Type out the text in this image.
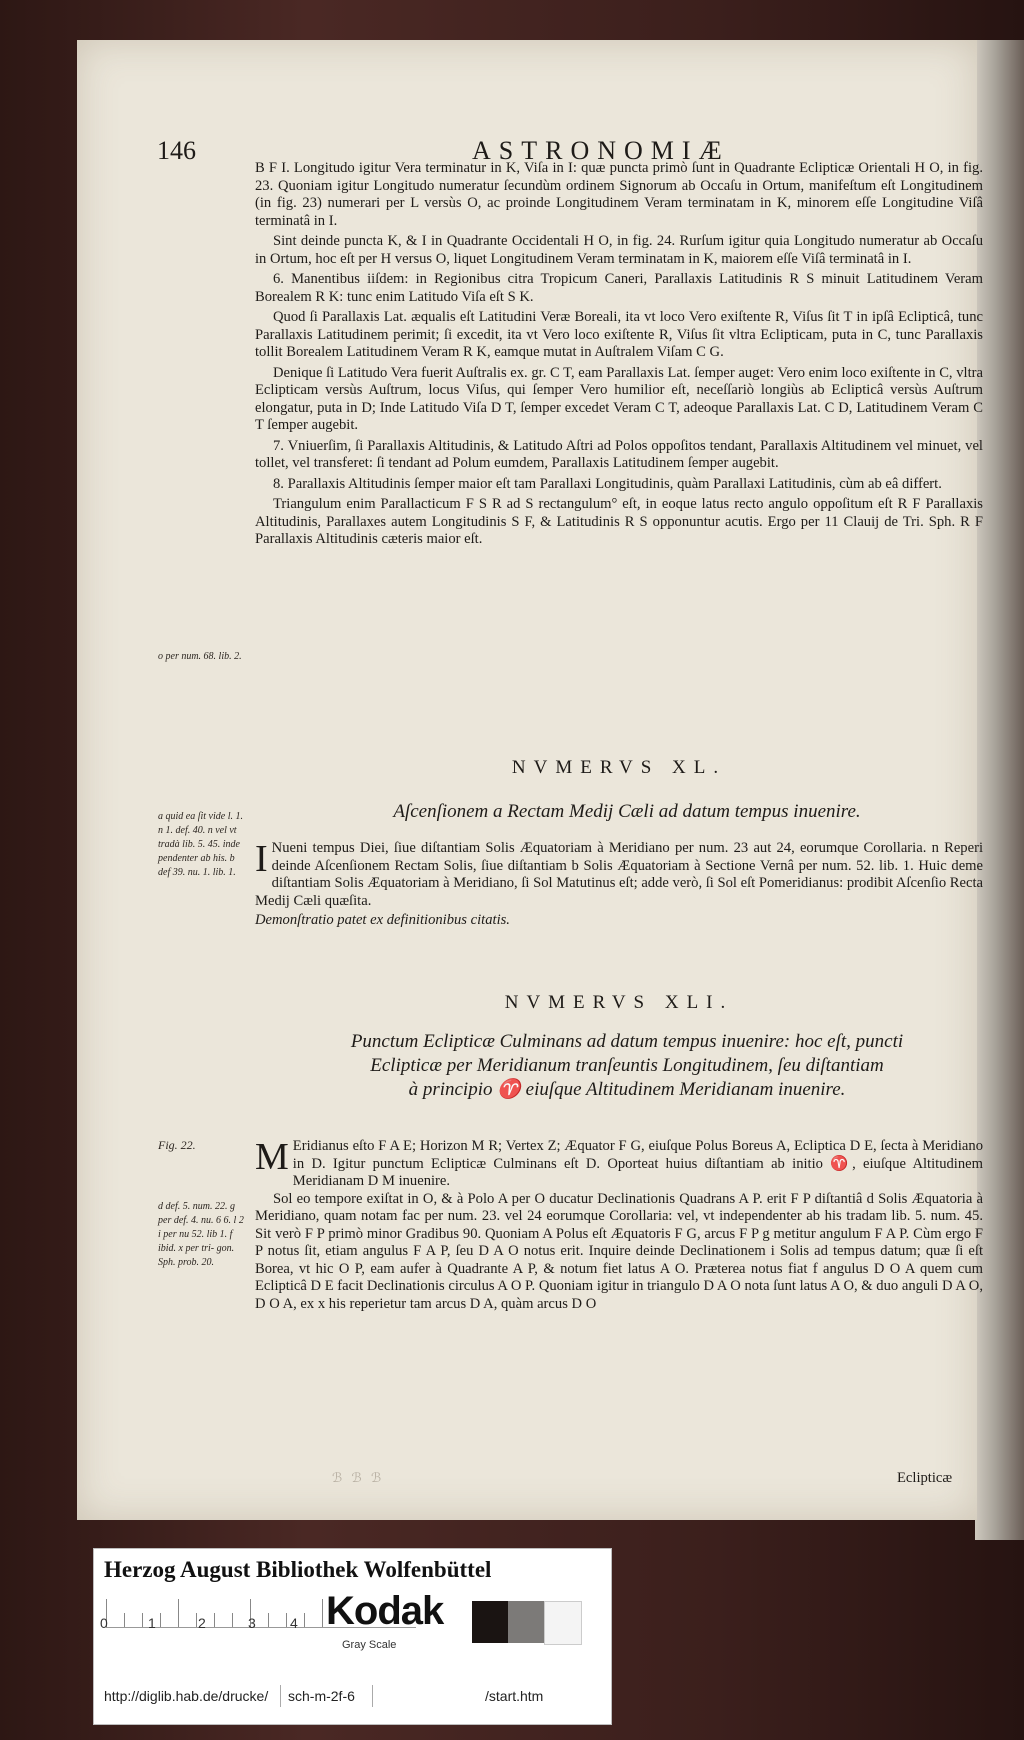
146	ASTRONOMIÆ

B F I. Longitudo igitur Vera terminatur in K, Viſa in I: quæ puncta primò ſunt in Quadrante Eclipticæ Orientali H O, in fig. 23. Quoniam igitur Longitudo numeratur ſecundùm ordinem Signorum ab Occaſu in Ortum, manifeſtum eſt Longitudinem (in fig. 23) numerari per L versùs O, ac proinde Longitudinem Veram terminatam in K, minorem eſſe Longitudine Viſâ terminatâ in I.

Sint deinde puncta K, & I in Quadrante Occidentali H O, in fig. 24. Rurſum igitur quia Longitudo numeratur ab Occaſu in Ortum, hoc eſt per H versus O, liquet Longitudinem Veram terminatam in K, maiorem eſſe Viſâ terminatâ in I.

6. Manentibus iiſdem: in Regionibus citra Tropicum Caneri, Parallaxis Latitudinis R S minuit Latitudinem Veram Borealem R K: tunc enim Latitudo Viſa eſt S K.

Quod ſi Parallaxis Lat. æqualis eſt Latitudini Veræ Boreali, ita vt loco Vero exiſtente R, Viſus ſit T in ipſâ Eclipticâ, tunc Parallaxis Latitudinem perimit; ſi excedit, ita vt Vero loco exiſtente R, Viſus ſit vltra Eclipticam, puta in C, tunc Parallaxis tollit Borealem Latitudinem Veram R K, eamque mutat in Auſtralem Viſam C G.

Denique ſi Latitudo Vera fuerit Auſtralis ex. gr. C T, eam Parallaxis Lat. ſemper auget: Vero enim loco exiſtente in C, vltra Eclipticam versùs Auſtrum, locus Viſus, qui ſemper Vero humilior eſt, neceſſariò longiùs ab Eclipticâ versùs Auſtrum elongatur, puta in D; Inde Latitudo Viſa D T, ſemper excedet Veram C T, adeoque Parallaxis Lat. C D, Latitudinem Veram C T ſemper augebit.

7. Vniuerſim, ſi Parallaxis Altitudinis, & Latitudo Aſtri ad Polos oppoſitos tendant, Parallaxis Altitudinem vel minuet, vel tollet, vel transferet: ſi tendant ad Polum eumdem, Parallaxis Latitudinem ſemper augebit.

8. Parallaxis Altitudinis ſemper maior eſt tam Parallaxi Longitudinis, quàm Parallaxi Latitudinis, cùm ab eâ differt.

Triangulum enim Parallacticum F S R ad S rectangulum° eſt, in eoque latus recto angulo oppoſitum eſt R F Parallaxis Altitudinis, Parallaxes autem Longitudinis S F, & Latitudinis R S opponuntur acutis. Ergo per 11 Clauij de Tri. Sph. R F Parallaxis Altitudinis cæteris maior eſt.

o per num. 68. lib. 2.
NVMERVS XL.
Aſcenſionem a Rectam Medij Cæli ad datum tempus inuenire.
a quid ea ſit vide l. 1. n 1. def. 40. n vel vt tradà lib. 5. 45. inde pendenter ab his. b def 39. nu. 1. lib. 1. I Nueni tempus Diei, ſiue diſtantiam Solis Æquatoriam à Meridiano per num. 23 aut 24, eorumque Corollaria. n Reperi deinde Aſcenſionem Rectam Solis, ſiue diſtantiam b Solis Æquatoriam à Sectione Vernâ per num. 52. lib. 1. Huic deme diſtantiam Solis Æquatoriam à Meridiano, ſi Sol Matutinus eſt; adde verò, ſi Sol eſt Pomeridianus: prodibit Aſcenſio Recta Medij Cæli quæſita.
Demonſtratio patet ex definitionibus citatis.
NVMERVS XLI.
Punctum Eclipticæ Culminans ad datum tempus inuenire: hoc eſt, puncti
Eclipticæ per Meridianum tranſeuntis Longitudinem, ſeu diſtantiam
à principio ♈ eiuſque Altitudinem Meridianam inuenire.
Fig. 22.
d def. 5. num. 22. g per def. 4. nu. 6 6. l 2 i per nu 52. lib 1. f ibid. x per tri- gon. Sph. prob. 20.
M Eridianus eſto F A E; Horizon M R; Vertex Z; Æquator F G, eiuſque Polus Boreus A, Ecliptica D E, ſecta à Meridiano in D. Igitur punctum Eclipticæ Culminans eſt D. Oporteat huius diſtantiam ab initio ♈, eiuſque Altitudinem Meridianam D M inuenire.

Sol eo tempore exiſtat in O, & à Polo A per O ducatur Declinationis Quadrans A P. erit F P diſtantiâ d Solis Æquatoria à Meridiano, quam notam fac per num. 23. vel 24 eorumque Corollaria: vel, vt independenter ab his tradam lib. 5. num. 45. Sit verò F P primò minor Gradibus 90. Quoniam A Polus eſt Æquatoris F G, arcus F P g metitur angulum F A P. Cùm ergo F P notus ſit, etiam angulus F A P, ſeu D A O notus erit. Inquire deinde Declinationem i Solis ad tempus datum; quæ ſi eſt Borea, vt hic O P, eam aufer à Quadrante A P, & notum fiet latus A O. Præterea notus fiat f angulus D O A quem cum Eclipticâ D E facit Declinationis circulus A O P. Quoniam igitur in triangulo D A O nota ſunt latus A O, & duo anguli D A O, D O A, ex x his reperietur tam arcus D A, quàm arcus D O

ℬ ℬ ℬ	Eclipticæ
Herzog August Bibliothek Wolfenbüttel
0	1	2	3 4 Kodak
Gray Scale
http://diglib.hab.de/drucke/ sch-m-2f-6	/start.htm
